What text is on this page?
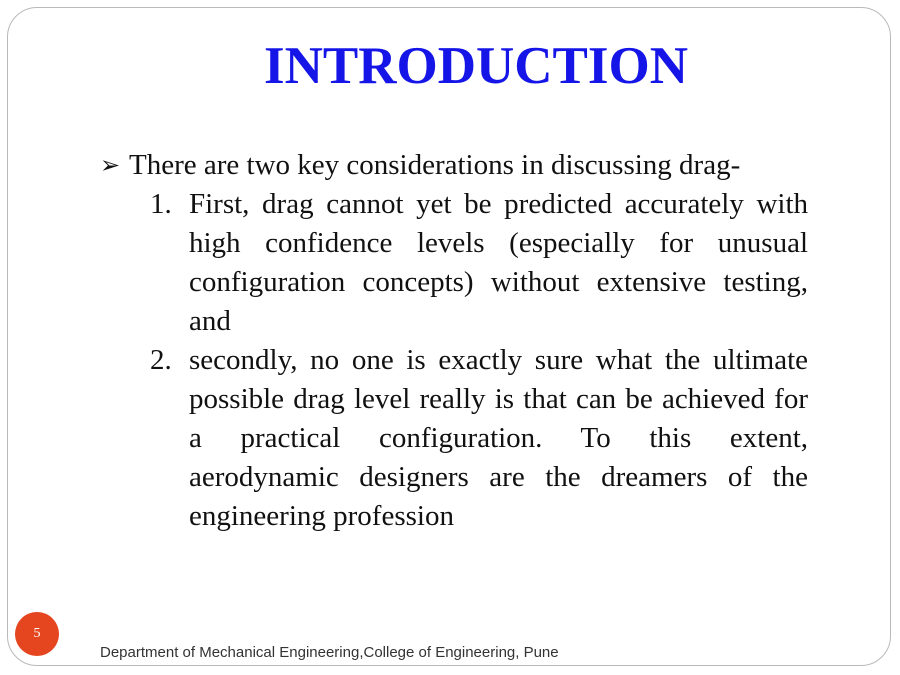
INTRODUCTION
➢ There are two key considerations in discussing drag-
1. First, drag cannot yet be predicted accurately with high confidence levels (especially for unusual configuration concepts) without extensive testing, and
2. secondly, no one is exactly sure what the ultimate possible drag level really is that can be achieved for a practical configuration. To this extent, aerodynamic designers are the dreamers of the engineering profession
5
Department of Mechanical Engineering,College of Engineering, Pune
